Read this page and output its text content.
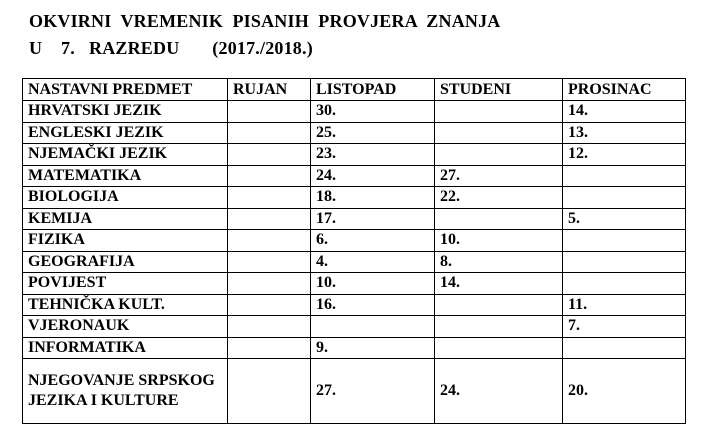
OKVIRNI  VREMENIK  PISANIH  PROVJERA  ZNANJA
U    7.   RAZREDU       (2017./2018.)
NASTAVNI PREDMET	RUJAN	LISTOPAD	STUDENI	PROSINAC
HRVATSKI JEZIK		30.		14.
ENGLESKI JEZIK		25.		13.
NJEMAČKI JEZIK		23.		12.
MATEMATIKA		24.	27.	
BIOLOGIJA		18.	22.	
KEMIJA		17.		5.
FIZIKA		6.	10.	
GEOGRAFIJA		4.	8.	
POVIJEST		10.	14.	
TEHNIČKA KULT.		16.		11.
VJERONAUK				7.
INFORMATIKA		9.		
NJEGOVANJE SRPSKOG JEZIKA I KULTURE		27.	24.	20.
